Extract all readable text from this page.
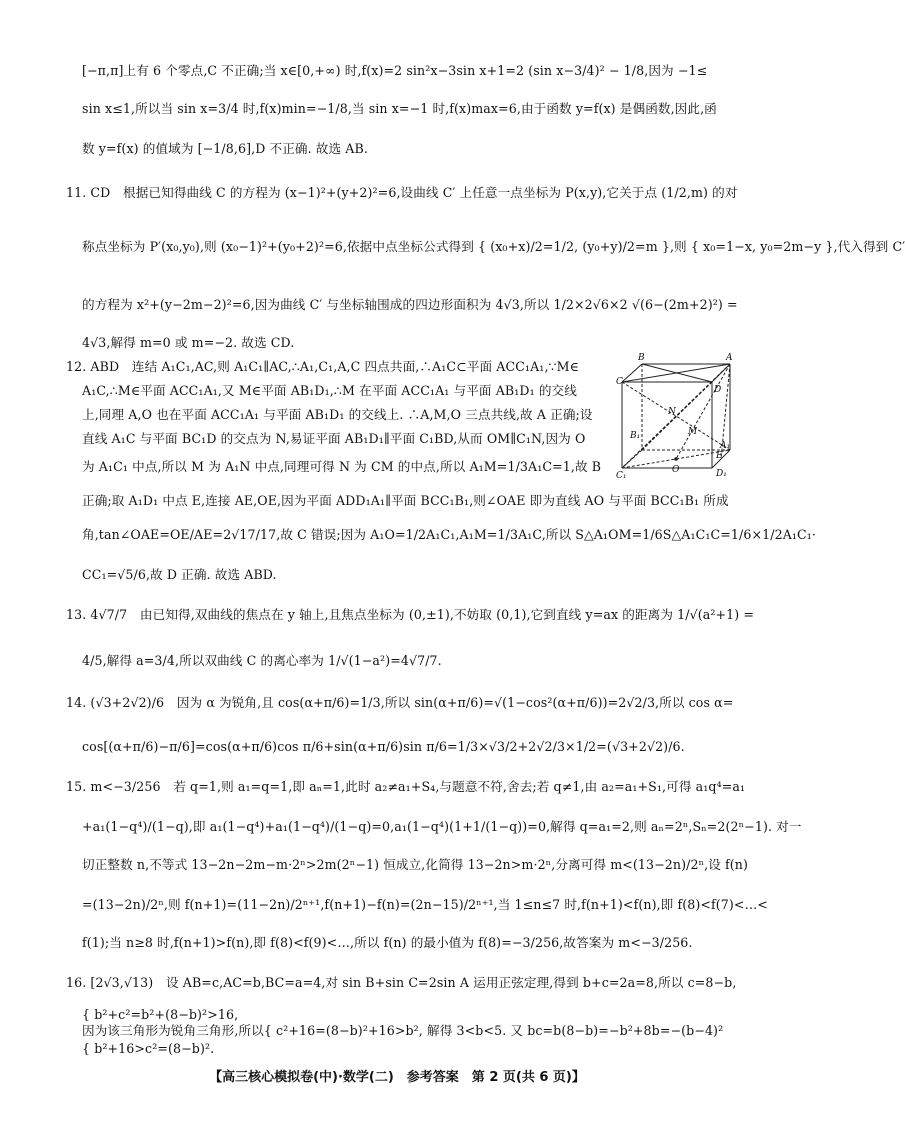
[−π,π]上有 6 个零点,C 不正确;当 x∈[0,+∞) 时,f(x)=2 sin²x−3sin x+1=2 (sin x−3/4)² − 1/8,因为 −1≤
sin x≤1,所以当 sin x=3/4 时,f(x)min=−1/8,当 sin x=−1 时,f(x)max=6,由于函数 y=f(x) 是偶函数,因此,函
数 y=f(x) 的值域为 [−1/8,6],D 不正确. 故选 AB.
11. CD　根据已知得曲线 C 的方程为 (x−1)²+(y+2)²=6,设曲线 C′ 上任意一点坐标为 P(x,y),它关于点 (1/2,m) 的对
称点坐标为 P′(x₀,y₀),则 (x₀−1)²+(y₀+2)²=6,依据中点坐标公式得到 { (x₀+x)/2=1/2, (y₀+y)/2=m },则 { x₀=1−x, y₀=2m−y },代入得到 C′
的方程为 x²+(y−2m−2)²=6,因为曲线 C′ 与坐标轴围成的四边形面积为 4√3,所以 1/2×2√6×2 √(6−(2m+2)²) =
4√3,解得 m=0 或 m=−2. 故选 CD.
12. ABD　连结 A₁C₁,AC,则 A₁C₁∥AC,∴A₁,C₁,A,C 四点共面,∴A₁C⊂平面 ACC₁A₁,∵M∈
A₁C,∴M∈平面 ACC₁A₁,又 M∈平面 AB₁D₁,∴M 在平面 ACC₁A₁ 与平面 AB₁D₁ 的交线
上,同理 A,O 也在平面 ACC₁A₁ 与平面 AB₁D₁ 的交线上. ∴A,M,O 三点共线,故 A 正确;设
直线 A₁C 与平面 BC₁D 的交点为 N,易证平面 AB₁D₁∥平面 C₁BD,从而 OM∥C₁N,因为 O
为 A₁C₁ 中点,所以 M 为 A₁N 中点,同理可得 N 为 CM 的中点,所以 A₁M=1/3A₁C=1,故 B
正确;取 A₁D₁ 中点 E,连接 AE,OE,因为平面 ADD₁A₁∥平面 BCC₁B₁,则∠OAE 即为直线 AO 与平面 BCC₁B₁ 所成
角,tan∠OAE=OE/AE=2√17/17,故 C 错误;因为 A₁O=1/2A₁C₁,A₁M=1/3A₁C,所以 S△A₁OM=1/6S△A₁C₁C=1/6×1/2A₁C₁·
CC₁=√5/6,故 D 正确. 故选 ABD.
13. 4√7/7　由已知得,双曲线的焦点在 y 轴上,且焦点坐标为 (0,±1),不妨取 (0,1),它到直线 y=ax 的距离为 1/√(a²+1) =
4/5,解得 a=3/4,所以双曲线 C 的离心率为 1/√(1−a²)=4√7/7.
14. (√3+2√2)/6　因为 α 为锐角,且 cos(α+π/6)=1/3,所以 sin(α+π/6)=√(1−cos²(α+π/6))=2√2/3,所以 cos α=
cos[(α+π/6)−π/6]=cos(α+π/6)cos π/6+sin(α+π/6)sin π/6=1/3×√3/2+2√2/3×1/2=(√3+2√2)/6.
15. m<−3/256　若 q=1,则 a₁=q=1,即 aₙ=1,此时 a₂≠a₁+S₄,与题意不符,舍去;若 q≠1,由 a₂=a₁+S₁,可得 a₁q⁴=a₁
+a₁(1−q⁴)/(1−q),即 a₁(1−q⁴)+a₁(1−q⁴)/(1−q)=0,a₁(1−q⁴)(1+1/(1−q))=0,解得 q=a₁=2,则 aₙ=2ⁿ,Sₙ=2(2ⁿ−1). 对一
切正整数 n,不等式 13−2n−2m−m·2ⁿ>2m(2ⁿ−1) 恒成立,化简得 13−2n>m·2ⁿ,分离可得 m<(13−2n)/2ⁿ,设 f(n)
=(13−2n)/2ⁿ,则 f(n+1)=(11−2n)/2ⁿ⁺¹,f(n+1)−f(n)=(2n−15)/2ⁿ⁺¹,当 1≤n≤7 时,f(n+1)<f(n),即 f(8)<f(7)<…<
f(1);当 n≥8 时,f(n+1)>f(n),即 f(8)<f(9)<…,所以 f(n) 的最小值为 f(8)=−3/256,故答案为 m<−3/256.
16. [2√3,√13)　设 AB=c,AC=b,BC=a=4,对 sin B+sin C=2sin A 运用正弦定理,得到 b+c=2a=8,所以 c=8−b,
{ b²+c²=b²+(8−b)²>16,
因为该三角形为锐角三角形,所以{ c²+16=(8−b)²+16>b², 解得 3<b<5. 又 bc=b(8−b)=−b²+8b=−(b−4)²
{ b²+16>c²=(8−b)².
B	A
C
D
N
B₁	M
A₁
E
C₁
O	D₁
【高三核心模拟卷(中)·数学(二)　参考答案　第 2 页(共 6 页)】
